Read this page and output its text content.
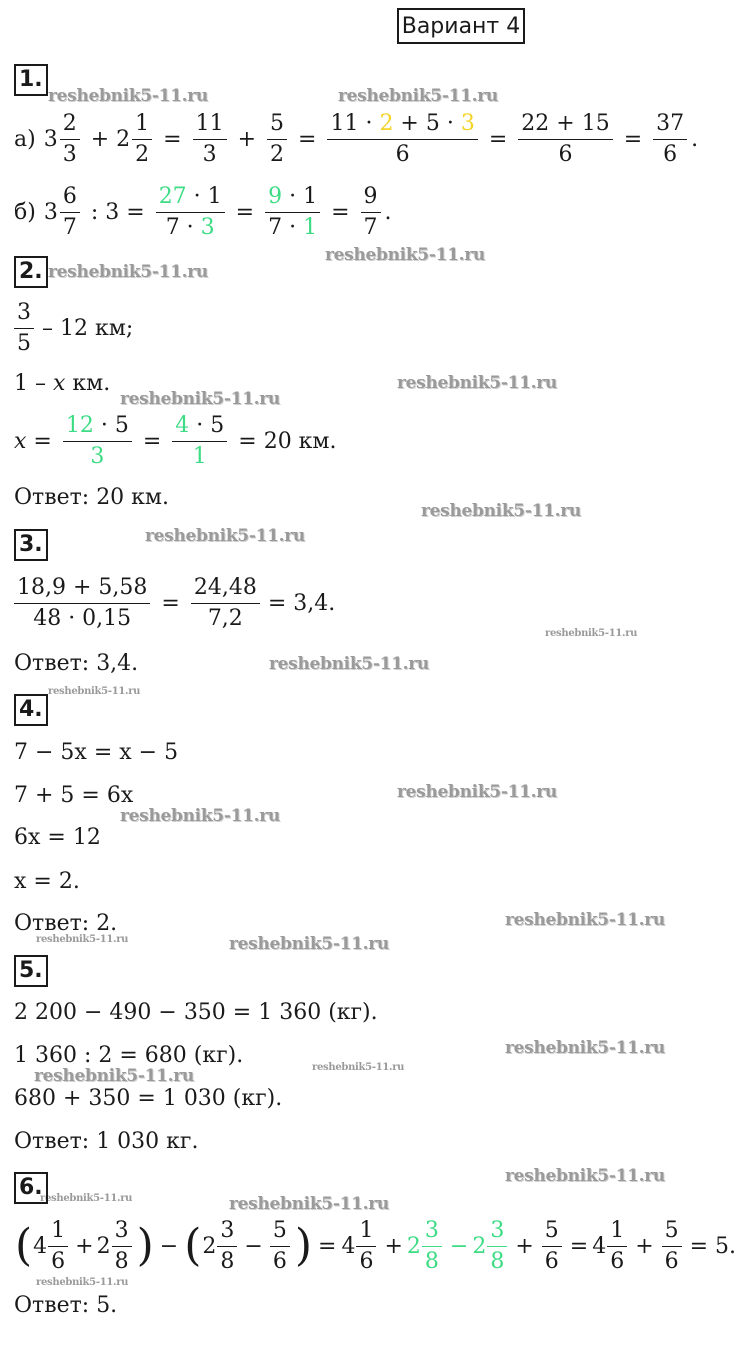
Вариант 4
reshebnik5-11.ru	reshebnik5-11.ru
reshebnik5-11.ru
reshebnik5-11.ru
reshebnik5-11.ru
reshebnik5-11.ru
reshebnik5-11.ru
reshebnik5-11.ru
reshebnik5-11.ru
reshebnik5-11.ru
reshebnik5-11.ru
reshebnik5-11.ru
reshebnik5-11.ru
reshebnik5-11.ru
reshebnik5-11.ru	reshebnik5-11.ru
reshebnik5-11.ru
reshebnik5-11.ru
reshebnik5-11.ru
reshebnik5-11.ru
reshebnik5-11.ru	reshebnik5-11.ru
reshebnik5-11.ru
1.
а) $3 \frac{2}{3} + 2 \frac{1}{2} = \frac{11}{3} + \frac{5}{2} = \frac{11 \cdot 2 + 5 \cdot 3}{6} = \frac{22 + 15}{6} = \frac{37}{6}$ .
б) $3 \frac{6}{7}$ : $3 = \frac{27 \cdot 1}{7 \cdot 3} = \frac{9 \cdot 1}{7 \cdot 1} = \frac{9}{7}$ .
2.
$\frac{3}{5} - 12$ км;
1 – x км.
$x = \frac{12 \cdot 5}{3} = \frac{4 \cdot 5}{1} = 20$ км.
Ответ: 20 км.
3.
$\frac{18,9 + 5,58}{48 \cdot 0,15} = \frac{24,48}{7,2} = 3,4$.
Ответ: 3,4.
4.
7 − 5x = x − 5
7 + 5 = 6x
6x = 12
x = 2.
Ответ: 2.
5.
2 200 − 490 − 350 = 1 360 (кг).
1 360 : 2 = 680 (кг).
680 + 350 = 1 030 (кг).
Ответ: 1 030 кг.
6.
( $4 \frac{1}{6} + 2 \frac{3}{8}$ ) − ( $2 \frac{3}{8} - \frac{5}{6}$ ) = $4 \frac{1}{6} + 2 \frac{3}{8} - 2 \frac{3}{8} + \frac{5}{6} = 4 \frac{1}{6} + \frac{5}{6} = 5$.
Ответ: 5.
